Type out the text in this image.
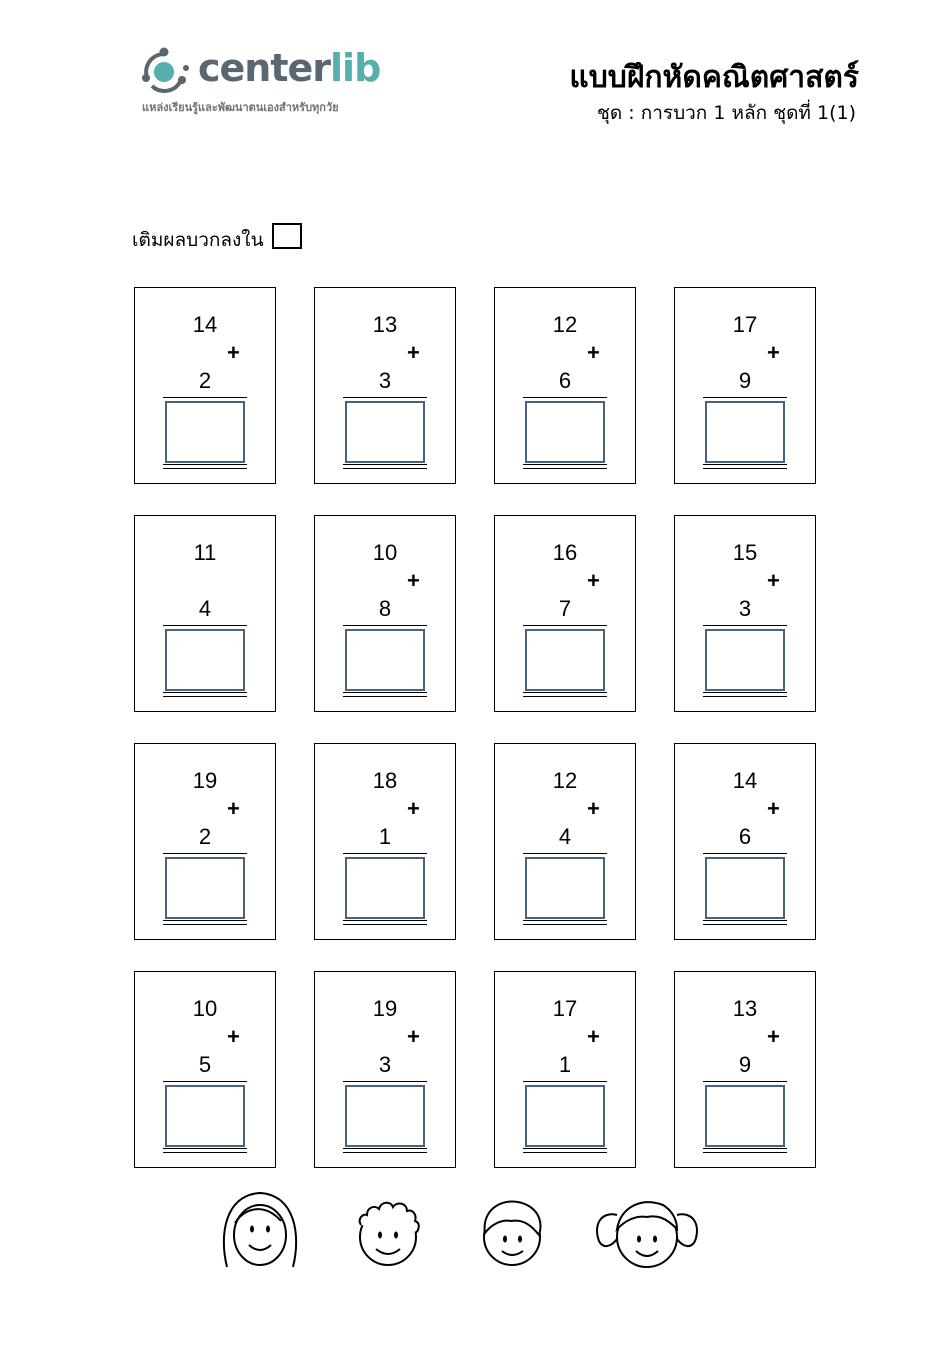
centerlib
แหล่งเรียนรู้และพัฒนาตนเองสำหรับทุกวัย
แบบฝึกหัดคณิตศาสตร์
ชุด : การบวก 1 หลัก ชุดที่ 1(1)
เติมผลบวกลงใน
14
+
2
13
+
3
12
+
6
17
+
9
11
4
10
+
8
16
+
7
15
+
3
19
+
2
18
+
1
12
+
4
14
+
6
10
+
5
19
+
3
17
+
1
13
+
9
